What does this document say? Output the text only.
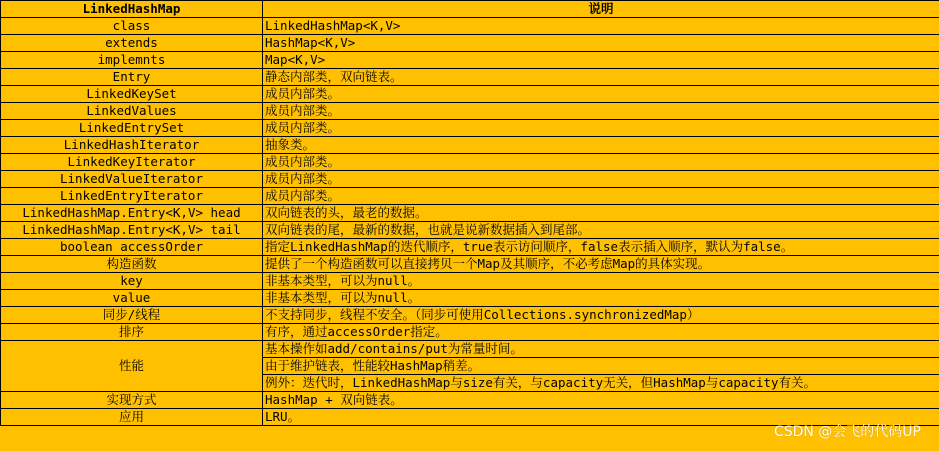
LinkedHashMap	说明
class	LinkedHashMap<K,V>
extends	HashMap<K,V>
implemnts	Map<K,V>
Entry	静态内部类，双向链表。
LinkedKeySet	成员内部类。
LinkedValues	成员内部类。
LinkedEntrySet	成员内部类。
LinkedHashIterator	抽象类。
LinkedKeyIterator	成员内部类。
LinkedValueIterator	成员内部类。
LinkedEntryIterator	成员内部类。
LinkedHashMap.Entry<K,V> head	双向链表的头，最老的数据。
LinkedHashMap.Entry<K,V> tail	双向链表的尾，最新的数据，也就是说新数据插入到尾部。
boolean accessOrder	指定LinkedHashMap的迭代顺序，true表示访问顺序，false表示插入顺序，默认为false。
构造函数	提供了一个构造函数可以直接拷贝一个Map及其顺序，不必考虑Map的具体实现。
key	非基本类型，可以为null。
value	非基本类型，可以为null。
同步/线程	不支持同步，线程不安全。（同步可使用Collections.synchronizedMap）
排序	有序，通过accessOrder指定。
性能	基本操作如add/contains/put为常量时间。
	由于维护链表，性能较HashMap稍差。
	例外：迭代时，LinkedHashMap与size有关，与capacity无关，但HashMap与capacity有关。
实现方式	HashMap + 双向链表。
应用	LRU。
CSDN @会飞的代码UP
